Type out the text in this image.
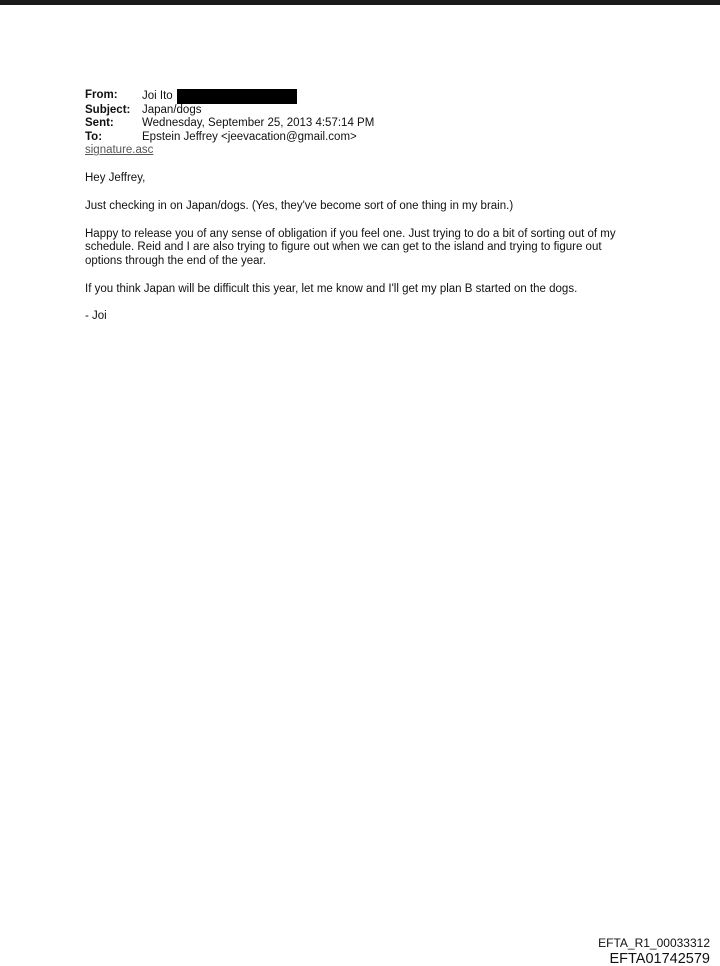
From:	Joi Ito
Subject:	Japan/dogs
Sent:	Wednesday, September 25, 2013 4:57:14 PM
To:	Epstein Jeffrey <jeevacation@gmail.com>
signature.asc

Hey Jeffrey,

Just checking in on Japan/dogs. (Yes, they've become sort of one thing in my brain.)

Happy to release you of any sense of obligation if you feel one. Just trying to do a bit of sorting out of my
schedule. Reid and I are also trying to figure out when we can get to the island and trying to figure out
options through the end of the year.

If you think Japan will be difficult this year, let me know and I'll get my plan B started on the dogs.

- Joi

EFTA_R1_00033312
EFTA01742579
